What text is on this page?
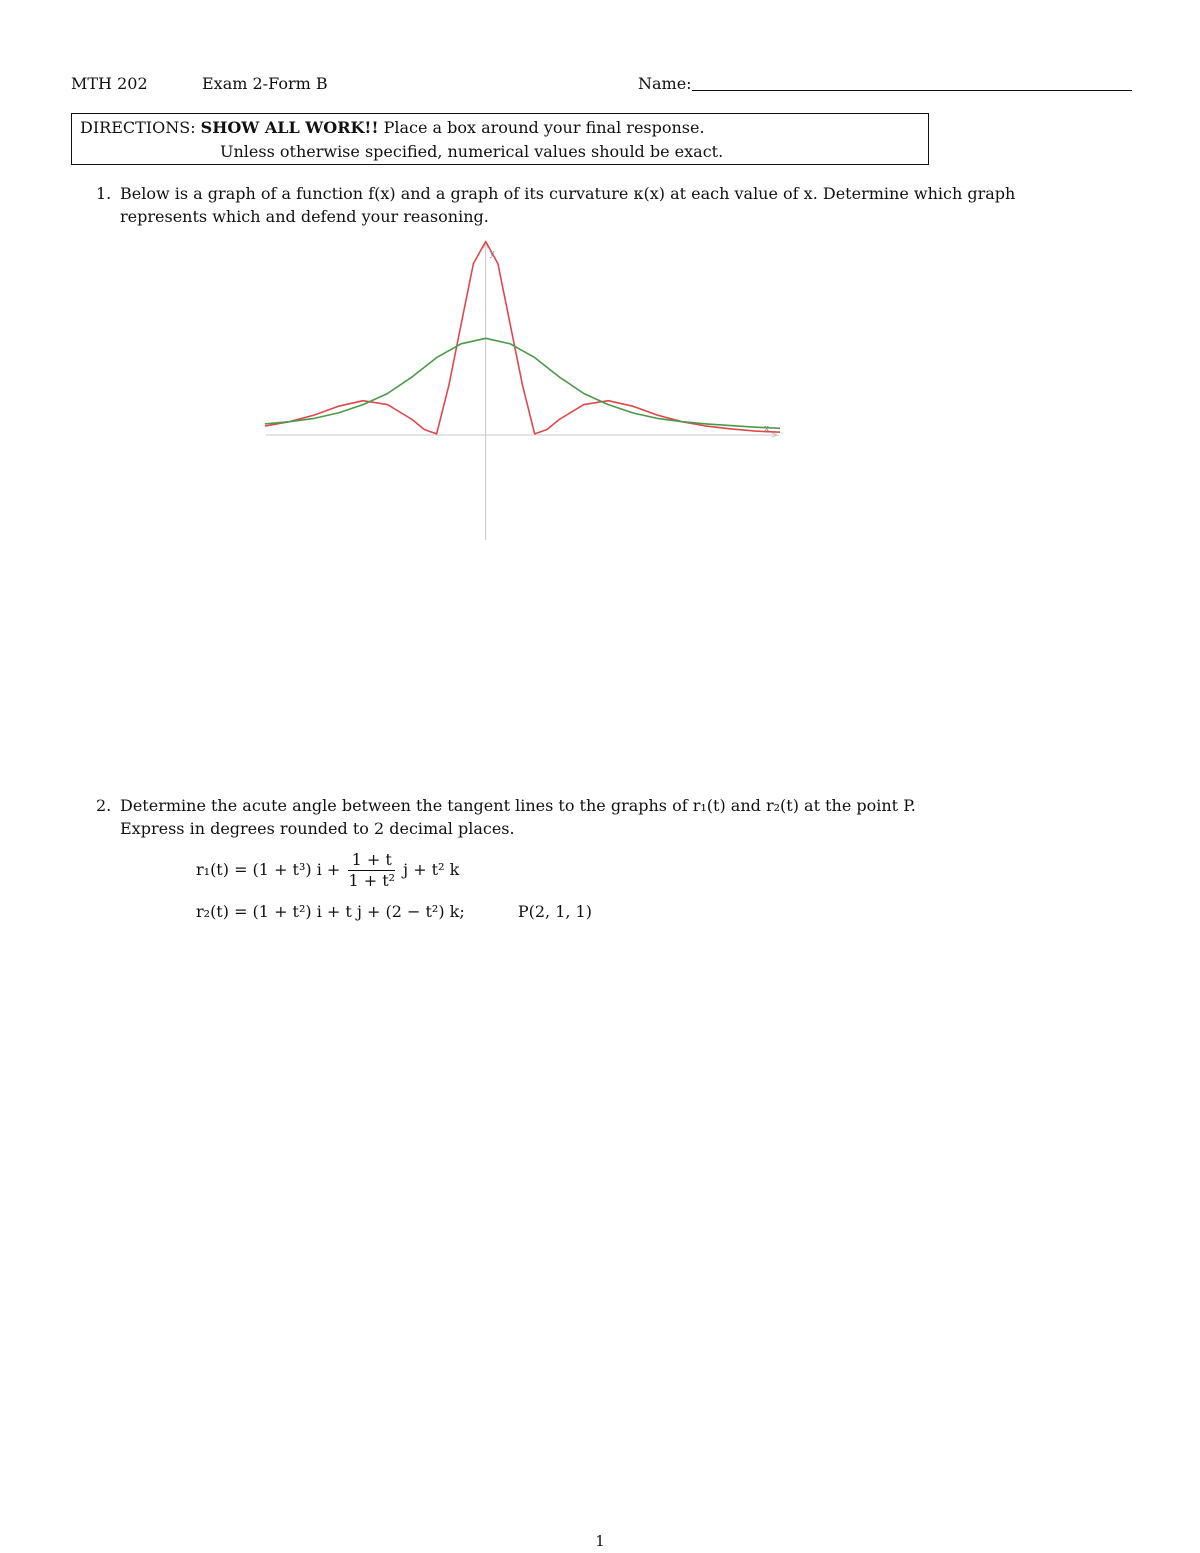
MTH 202	Exam 2-Form B	Name:
DIRECTIONS: SHOW ALL WORK!! Place a box around your final response.
Unless otherwise specified, numerical values should be exact.
1. Below is a graph of a function f(x) and a graph of its curvature κ(x) at each value of x. Determine which graph
represents which and defend your reasoning.
y
x
2. Determine the acute angle between the tangent lines to the graphs of r₁(t) and r₂(t) at the point P.
Express in degrees rounded to 2 decimal places.
r₁(t) = (1 + t³) $i + \frac{1 + t}{\text{1 + t²}}$ j + t² k
r₂(t) = (1 + t²) i + t j + (2 − t²) k;	P(2, 1, 1)
1
